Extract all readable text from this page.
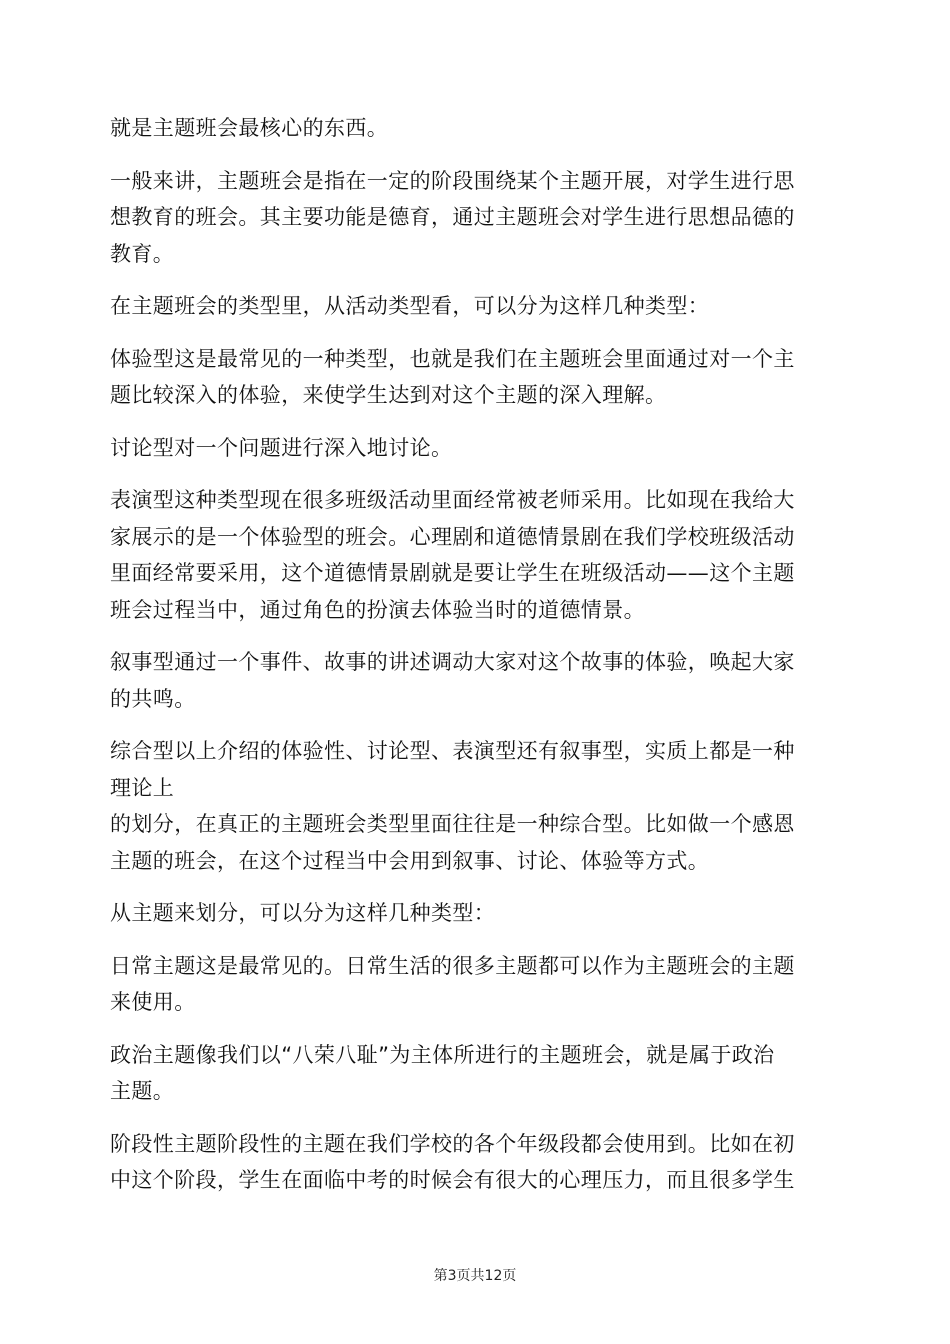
就是主题班会最核心的东西。

一般来讲，主题班会是指在一定的阶段围绕某个主题开展，对学生进行思
想教育的班会。其主要功能是德育，通过主题班会对学生进行思想品德的
教育。

在主题班会的类型里，从活动类型看，可以分为这样几种类型：

体验型这是最常见的一种类型，也就是我们在主题班会里面通过对一个主
题比较深入的体验，来使学生达到对这个主题的深入理解。

讨论型对一个问题进行深入地讨论。

表演型这种类型现在很多班级活动里面经常被老师采用。比如现在我给大
家展示的是一个体验型的班会。心理剧和道德情景剧在我们学校班级活动
里面经常要采用，这个道德情景剧就是要让学生在班级活动——这个主题
班会过程当中，通过角色的扮演去体验当时的道德情景。

叙事型通过一个事件、故事的讲述调动大家对这个故事的体验，唤起大家
的共鸣。

综合型以上介绍的体验性、讨论型、表演型还有叙事型，实质上都是一种
理论上
的划分，在真正的主题班会类型里面往往是一种综合型。比如做一个感恩
主题的班会，在这个过程当中会用到叙事、讨论、体验等方式。

从主题来划分，可以分为这样几种类型：

日常主题这是最常见的。日常生活的很多主题都可以作为主题班会的主题
来使用。

政治主题像我们以“八荣八耻”为主体所进行的主题班会，就是属于政治
主题。

阶段性主题阶段性的主题在我们学校的各个年级段都会使用到。比如在初
中这个阶段，学生在面临中考的时候会有很大的心理压力，而且很多学生

第3页共12页
